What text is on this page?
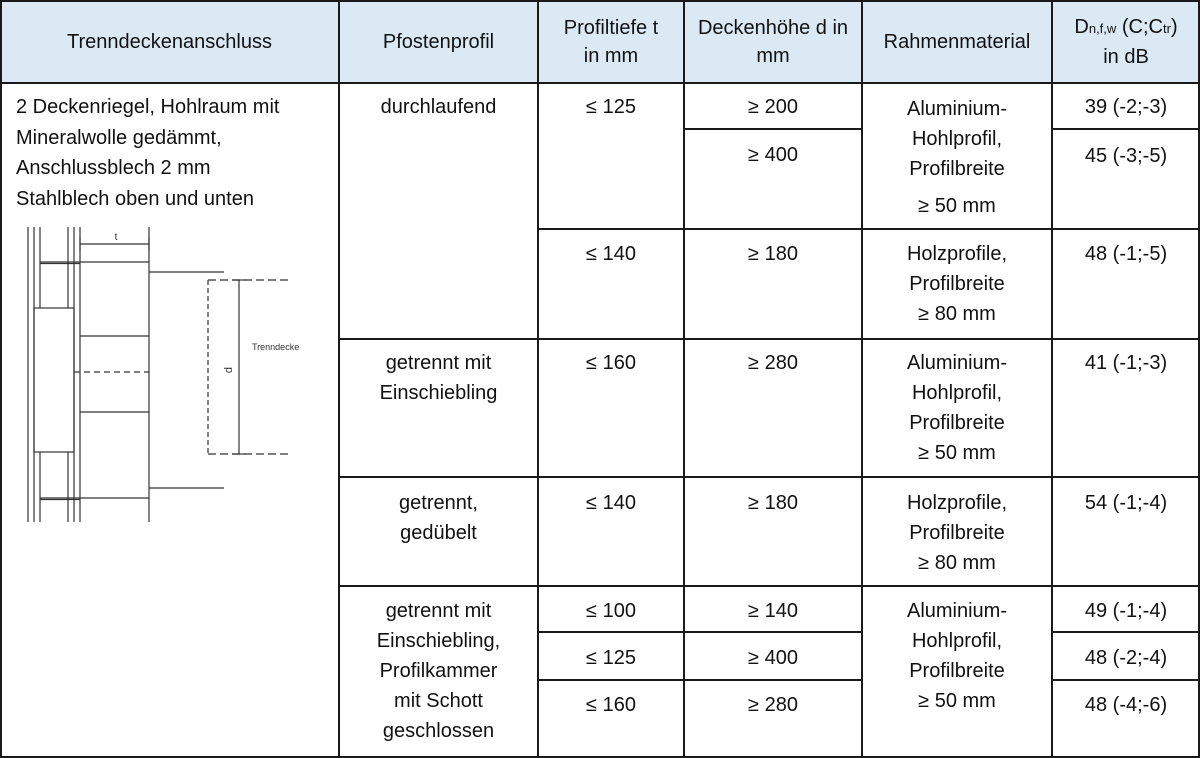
Trenndeckenanschluss	Pfostenprofil
Profiltiefe t
in mm
Deckenhöhe d in
mm
Rahmenmaterial
Dn,f,w (C;Ctr)
in dB
2 Deckenriegel, Hohlraum mit
Mineralwolle gedämmt,
Anschlussblech 2 mm
Stahlblech oben und unten
t
d
Trenndecke
durchlaufend
getrennt mit
Einschiebling
getrennt,
gedübelt
getrennt mit
Einschiebling,
Profilkammer
mit Schott
geschlossen
≤ 125
≤ 140
≤ 160
≤ 140
≤ 100
≤ 125
≤ 160
≥ 200
≥ 400
≥ 180
≥ 280
≥ 180
≥ 140
≥ 400
≥ 280
Aluminium-
Hohlprofil,
Profilbreite
≥ 50 mm
Holzprofile,
Profilbreite
≥ 80 mm
Aluminium-
Hohlprofil,
Profilbreite
≥ 50 mm
Holzprofile,
Profilbreite
≥ 80 mm
Aluminium-
Hohlprofil,
Profilbreite
≥ 50 mm
39 (-2;-3)
45 (-3;-5)
48 (-1;-5)
41 (-1;-3)
54 (-1;-4)
49 (-1;-4)
48 (-2;-4)
48 (-4;-6)
